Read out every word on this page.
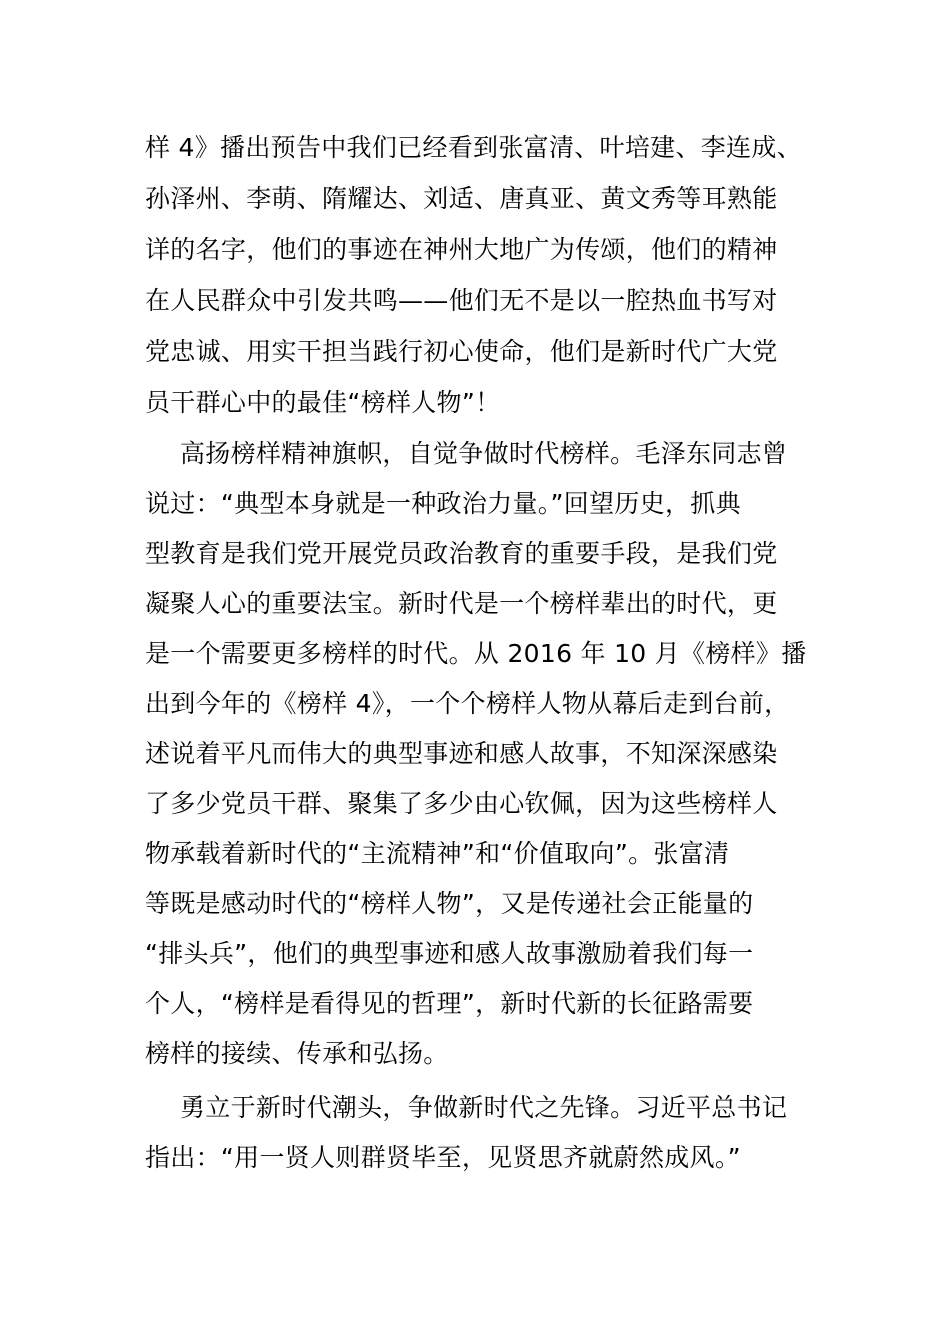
样 4》播出预告中我们已经看到张富清、叶培建、李连成、
孙泽州、李萌、隋耀达、刘适、唐真亚、黄文秀等耳熟能
详的名字，他们的事迹在神州大地广为传颂，他们的精神
在人民群众中引发共鸣——他们无不是以一腔热血书写对
党忠诚、用实干担当践行初心使命，他们是新时代广大党
员干群心中的最佳“榜样人物”！
高扬榜样精神旗帜，自觉争做时代榜样。毛泽东同志曾
说过：“典型本身就是一种政治力量。”回望历史，抓典
型教育是我们党开展党员政治教育的重要手段，是我们党
凝聚人心的重要法宝。新时代是一个榜样辈出的时代，更
是一个需要更多榜样的时代。从 2016 年 10 月《榜样》播
出到今年的《榜样 4》，一个个榜样人物从幕后走到台前，
述说着平凡而伟大的典型事迹和感人故事，不知深深感染
了多少党员干群、聚集了多少由心钦佩，因为这些榜样人
物承载着新时代的“主流精神”和“价值取向”。张富清
等既是感动时代的“榜样人物”，又是传递社会正能量的
“排头兵”，他们的典型事迹和感人故事激励着我们每一
个人，“榜样是看得见的哲理”，新时代新的长征路需要
榜样的接续、传承和弘扬。
勇立于新时代潮头，争做新时代之先锋。习近平总书记
指出：“用一贤人则群贤毕至，见贤思齐就蔚然成风。”
